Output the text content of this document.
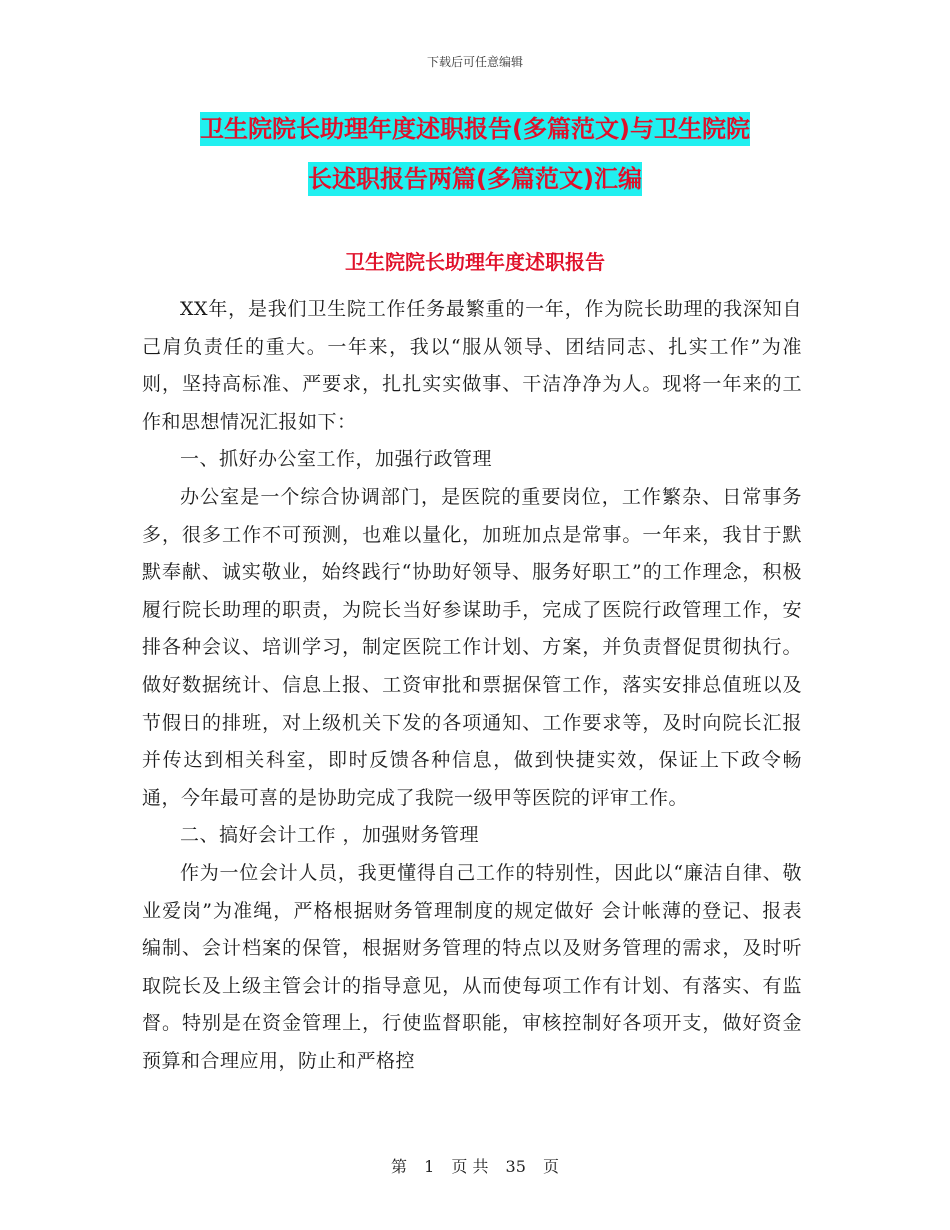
下载后可任意编辑
卫生院院长助理年度述职报告(多篇范文)与卫生院院
长述职报告两篇(多篇范文)汇编
卫生院院长助理年度述职报告

XX年，是我们卫生院工作任务最繁重的一年，作为院长助理的我深知自己肩负责任的重大。一年来，我以“服从领导、团结同志、扎实工作”为准则，坚持高标准、严要求，扎扎实实做事、干洁净净为人。现将一年来的工作和思想情况汇报如下：

一、抓好办公室工作，加强行政管理

办公室是一个综合协调部门，是医院的重要岗位，工作繁杂、日常事务多，很多工作不可预测，也难以量化，加班加点是常事。一年来，我甘于默默奉献、诚实敬业，始终践行“协助好领导、服务好职工”的工作理念，积极履行院长助理的职责，为院长当好参谋助手，完成了医院行政管理工作，安排各种会议、培训学习，制定医院工作计划、方案，并负责督促贯彻执行。做好数据统计、信息上报、工资审批和票据保管工作，落实安排总值班以及节假日的排班，对上级机关下发的各项通知、工作要求等，及时向院长汇报并传达到相关科室，即时反馈各种信息，做到快捷实效，保证上下政令畅通，今年最可喜的是协助完成了我院一级甲等医院的评审工作。

二、搞好会计工作 ，加强财务管理

作为一位会计人员，我更懂得自己工作的特别性，因此以“廉洁自律、敬业爱岗”为准绳，严格根据财务管理制度的规定做好 会计帐薄的登记、报表编制、会计档案的保管，根据财务管理的特点以及财务管理的需求，及时听取院长及上级主管会计的指导意见，从而使每项工作有计划、有落实、有监督。特别是在资金管理上，行使监督职能，审核控制好各项开支，做好资金预算和合理应用，防止和严格控

第 1 页 共 35 页
